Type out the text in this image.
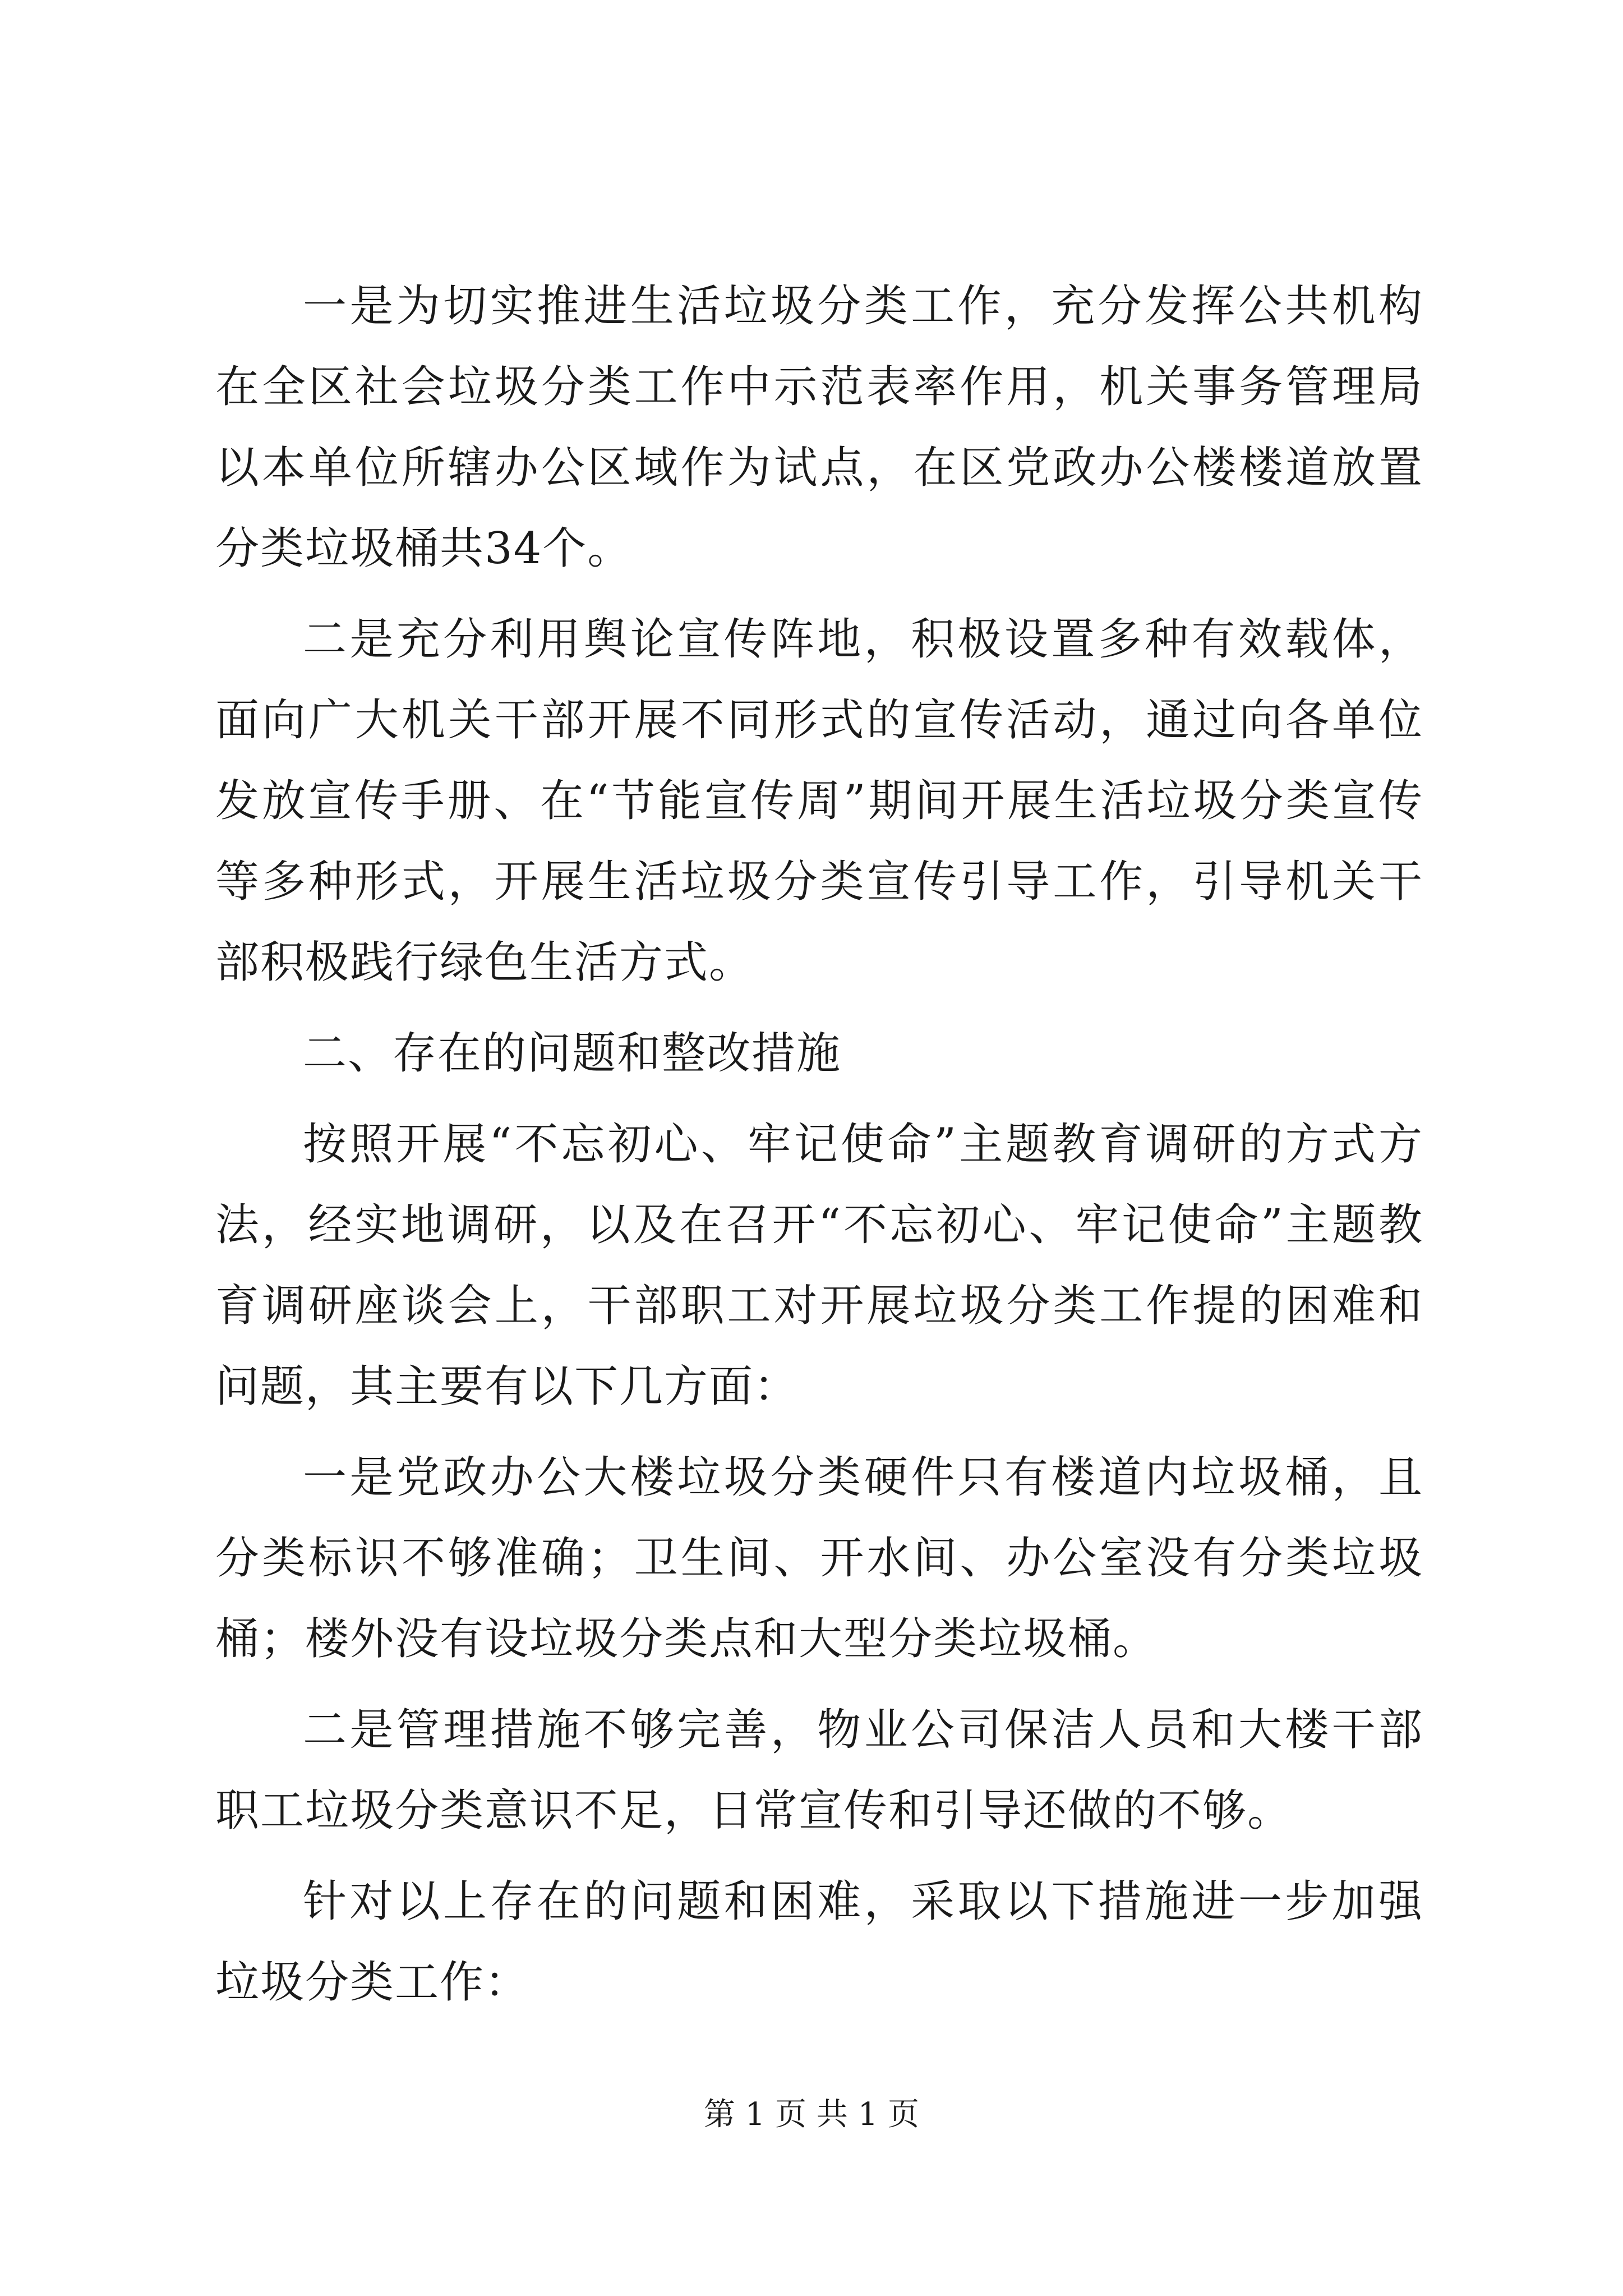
一是为切实推进生活垃圾分类工作，充分发挥公共机构在全区社会垃圾分类工作中示范表率作用，机关事务管理局以本单位所辖办公区域作为试点，在区党政办公楼楼道放置分类垃圾桶共34个。

二是充分利用舆论宣传阵地，积极设置多种有效载体，面向广大机关干部开展不同形式的宣传活动，通过向各单位发放宣传手册、在“节能宣传周”期间开展生活垃圾分类宣传等多种形式，开展生活垃圾分类宣传引导工作，引导机关干部积极践行绿色生活方式。

二、存在的问题和整改措施

按照开展“不忘初心、牢记使命”主题教育调研的方式方法，经实地调研，以及在召开“不忘初心、牢记使命”主题教育调研座谈会上，干部职工对开展垃圾分类工作提的困难和问题，其主要有以下几方面：

一是党政办公大楼垃圾分类硬件只有楼道内垃圾桶，且分类标识不够准确；卫生间、开水间、办公室没有分类垃圾桶；楼外没有设垃圾分类点和大型分类垃圾桶。

二是管理措施不够完善，物业公司保洁人员和大楼干部职工垃圾分类意识不足，日常宣传和引导还做的不够。

针对以上存在的问题和困难，采取以下措施进一步加强垃圾分类工作：

第 1 页 共 1 页
